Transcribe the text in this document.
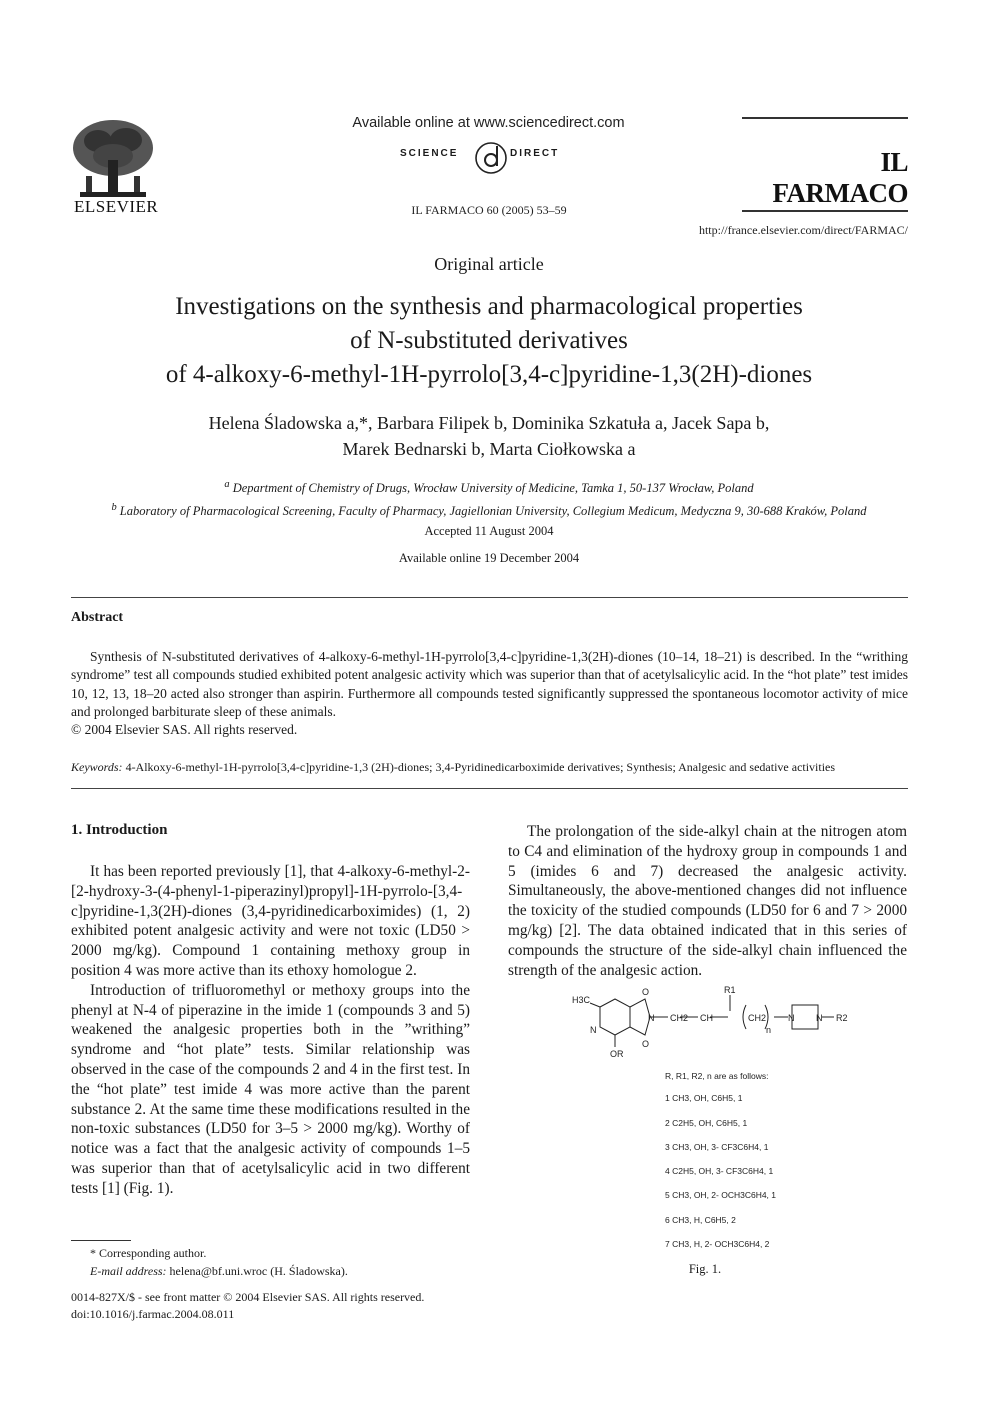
ELSEVIER
Available online at www.sciencedirect.com
SCIENCE	DIRECT
IL FARMACO 60 (2005) 53–59
IL FARMACO
http://france.elsevier.com/direct/FARMAC/
Original article
Investigations on the synthesis and pharmacological properties
of N-substituted derivatives
of 4-alkoxy-6-methyl-1H-pyrrolo[3,4-c]pyridine-1,3(2H)-diones
Helena Śladowska a,*, Barbara Filipek b, Dominika Szkatuła a, Jacek Sapa b,
Marek Bednarski b, Marta Ciołkowska a
$^a$ Department of Chemistry of Drugs, Wrocław University of Medicine, Tamka 1, 50-137 Wrocław, Poland
$^b$ Laboratory of Pharmacological Screening, Faculty of Pharmacy, Jagiellonian University, Collegium Medicum, Medyczna 9, 30-688 Kraków, Poland
Accepted 11 August 2004
Available online 19 December 2004
Abstract

Synthesis of N-substituted derivatives of 4-alkoxy-6-methyl-1H-pyrrolo[3,4-c]pyridine-1,3(2H)-diones (10–14, 18–21) is described. In the “writhing syndrome” test all compounds studied exhibited potent analgesic activity which was superior than that of acetylsalicylic acid. In the “hot plate” test imides 10, 12, 13, 18–20 acted also stronger than aspirin. Furthermore all compounds tested significantly suppressed the spontaneous locomotor activity of mice and prolonged barbiturate sleep of these animals.

© 2004 Elsevier SAS. All rights reserved.

Keywords: 4-Alkoxy-6-methyl-1H-pyrrolo[3,4-c]pyridine-1,3 (2H)-diones; 3,4-Pyridinedicarboximide derivatives; Synthesis; Analgesic and sedative activities
1. Introduction

It has been reported previously [1], that 4-alkoxy-6-methyl-2-[2-hydroxy-3-(4-phenyl-1-piperazinyl)propyl]-1H-pyrrolo-[3,4-c]pyridine-1,3(2H)-diones (3,4-pyridinedicarboximides) (1, 2) exhibited potent analgesic activity and were not toxic (LD50 > 2000 mg/kg). Compound 1 containing methoxy group in position 4 was more active than its ethoxy homologue 2.

Introduction of trifluoromethyl or methoxy groups into the phenyl at N-4 of piperazine in the imide 1 (compounds 3 and 5) weakened the analgesic properties both in the ”writhing” syndrome and “hot plate” tests. Similar relationship was observed in the case of the compounds 2 and 4 in the first test. In the “hot plate” test imide 4 was more active than the parent substance 2. At the same time these modifications resulted in the non-toxic substances (LD50 for 3–5 > 2000 mg/kg). Worthy of notice was a fact that the analgesic activity of compounds 1–5 was superior than that of acetylsalicylic acid in two different tests [1] (Fig. 1).

The prolongation of the side-alkyl chain at the nitrogen atom to C4 and elimination of the hydroxy group in compounds 1 and 5 (imides 6 and 7) decreased the analgesic activity. Simultaneously, the above-mentioned changes did not influence the toxicity of the studied compounds (LD50 for 6 and 7 > 2000 mg/kg) [2]. The data obtained indicated that in this series of compounds the structure of the side-alkyl chain influenced the strength of the analgesic action.

H3C
N
OR
O
O
N CH2 CH
R1
CH2
n
N N R2
R, R1, R2, n are as follows:
1 CH3, OH, C6H5, 1
2 C2H5, OH, C6H5, 1
3 CH3, OH, 3- CF3C6H4, 1
4 C2H5, OH, 3- CF3C6H4, 1
5 CH3, OH, 2- OCH3C6H4, 1
6 CH3, H, C6H5, 2
7 CH3, H, 2- OCH3C6H4, 2
Fig. 1.
* Corresponding author.
E-mail address: helena@bf.uni.wroc (H. Śladowska).
0014-827X/$ - see front matter © 2004 Elsevier SAS. All rights reserved.
doi:10.1016/j.farmac.2004.08.011
